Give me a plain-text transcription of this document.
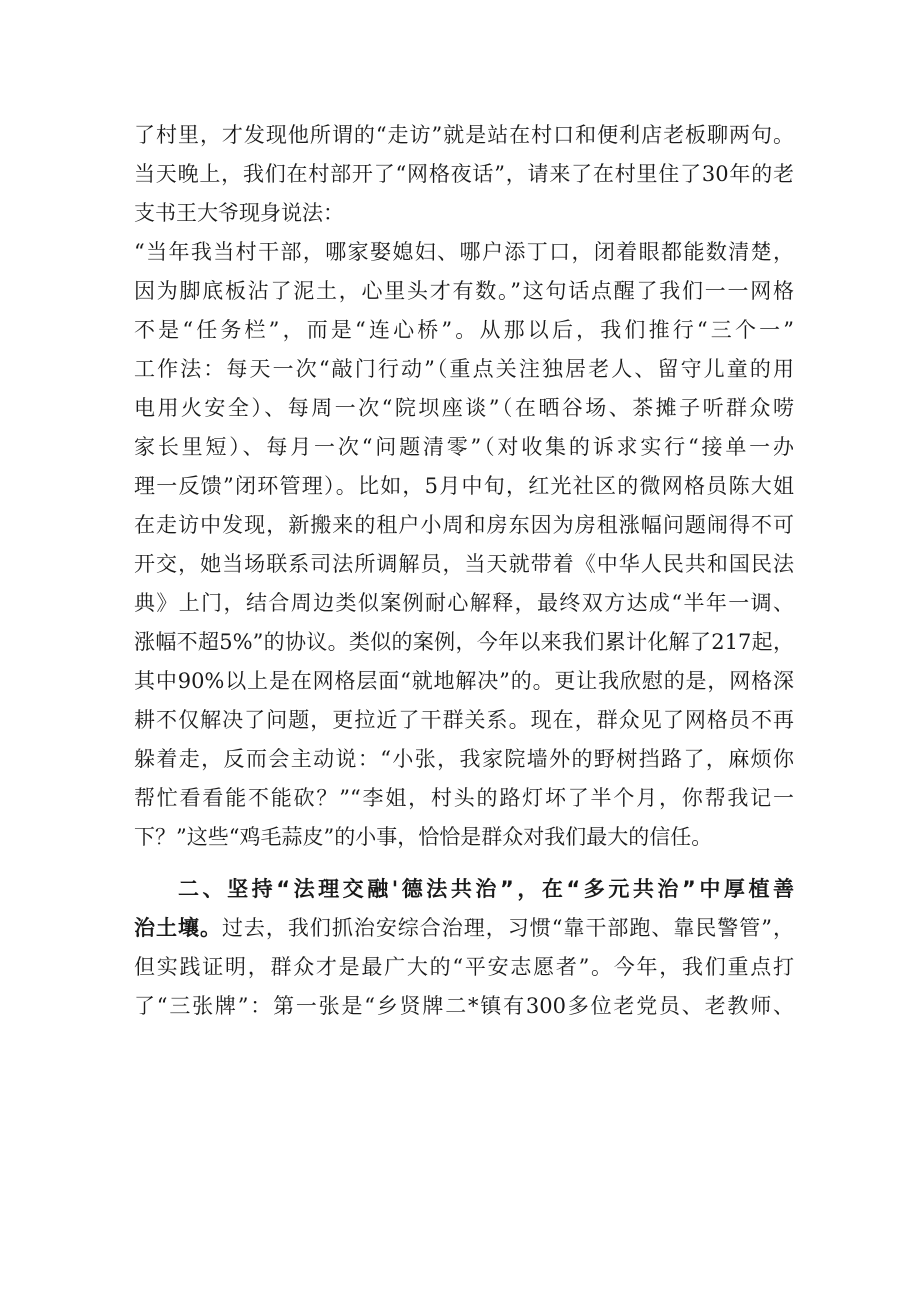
了村里，才发现他所谓的“走访”就是站在村口和便利店老板聊两句。
当天晚上，我们在村部开了“网格夜话”，请来了在村里住了30年的老
支书王大爷现身说法：
“当年我当村干部，哪家娶媳妇、哪户添丁口，闭着眼都能数清楚，
因为脚底板沾了泥土，心里头才有数。”这句话点醒了我们一一网格
不是“任务栏”，而是“连心桥”。从那以后，我们推行“三个一”
工作法：每天一次“敲门行动”（重点关注独居老人、留守儿童的用
电用火安全）、每周一次“院坝座谈”（在晒谷场、茶摊子听群众唠
家长里短）、每月一次“问题清零”（对收集的诉求实行“接单一办
理一反馈”闭环管理）。比如，5月中旬，红光社区的微网格员陈大姐
在走访中发现，新搬来的租户小周和房东因为房租涨幅问题闹得不可
开交，她当场联系司法所调解员，当天就带着《中华人民共和国民法
典》上门，结合周边类似案例耐心解释，最终双方达成“半年一调、
涨幅不超5%”的协议。类似的案例，今年以来我们累计化解了217起，
其中90%以上是在网格层面“就地解决”的。更让我欣慰的是，网格深
耕不仅解决了问题，更拉近了干群关系。现在，群众见了网格员不再
躲着走，反而会主动说：“小张，我家院墙外的野树挡路了，麻烦你
帮忙看看能不能砍？”“李姐，村头的路灯坏了半个月，你帮我记一
下？”这些“鸡毛蒜皮”的小事，恰恰是群众对我们最大的信任。
二、坚持“法理交融'德法共治”，在“多元共治”中厚植善
治土壤。过去，我们抓治安综合治理，习惯“靠干部跑、靠民警管”，
但实践证明，群众才是最广大的“平安志愿者”。今年，我们重点打
了“三张牌”：第一张是“乡贤牌二*镇有300多位老党员、老教师、
